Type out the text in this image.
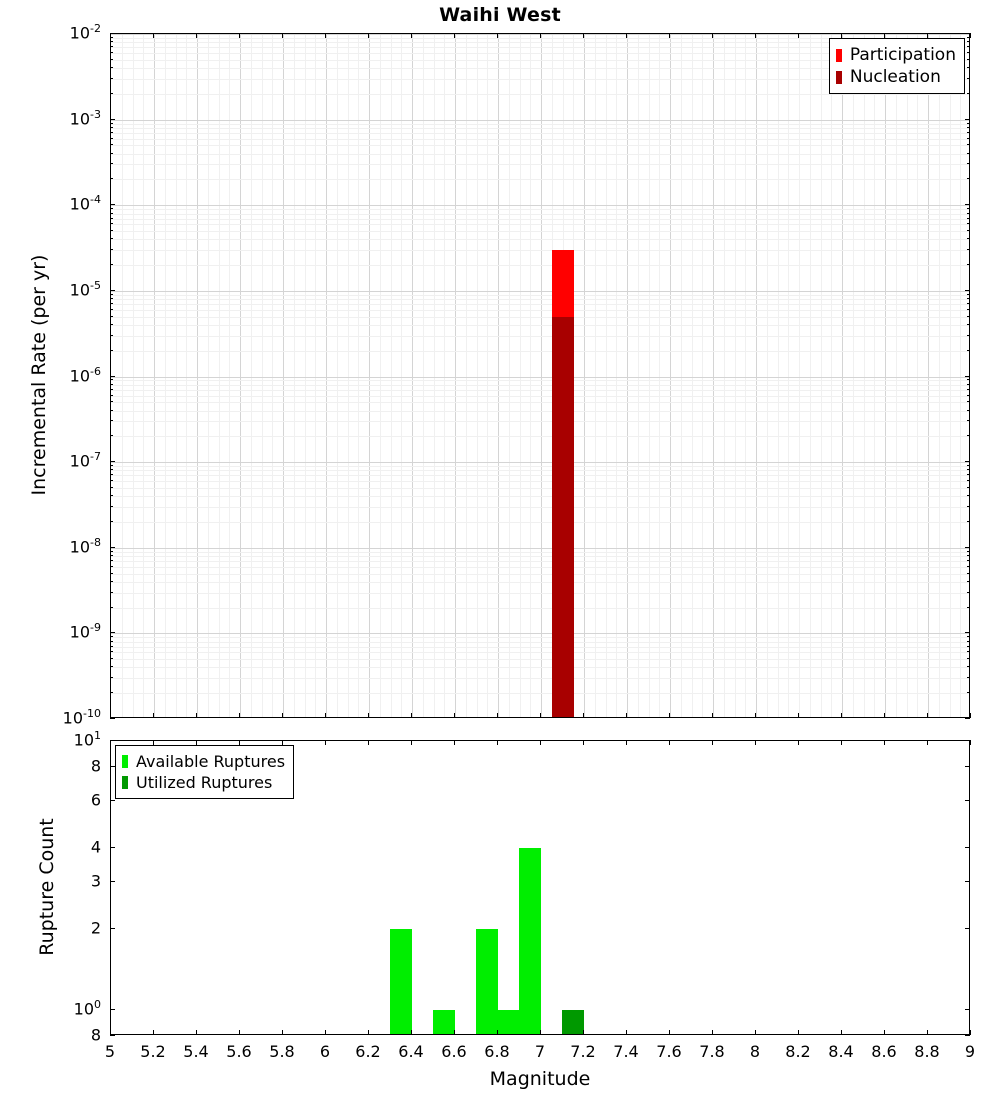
Waihi West
Participation
Nucleation
Incremental Rate (per yr)
Available Ruptures
Utilized Ruptures
Rupture Count
Magnitude
$10^{-2}$
$10^{-3}$
$10^{-4}$
$10^{-5}$
$10^{-6}$
$10^{-7}$
$10^{-8}$
$10^{-9}$
$10^{-10}$
$10^1$
8
6
4
3
2
$10^0$
8
5 5.2 5.4 5.6 5.8 6 6.2 6.4 6.6 6.8 7 7.2 7.4 7.6 7.8 8 8.2 8.4 8.6 8.8 9
